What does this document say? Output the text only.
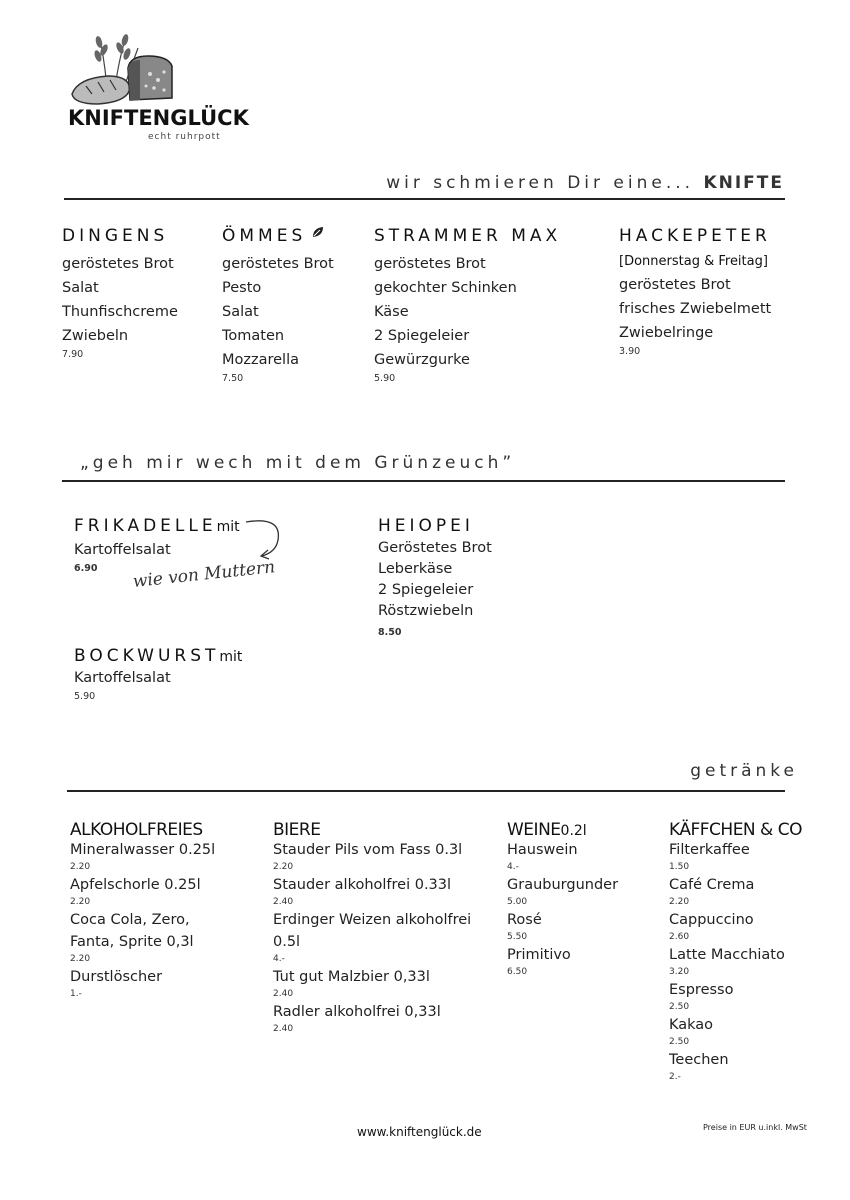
KNIFTENGLÜCK
echt ruhrpott
wir schmieren Dir eine... KNIFTE
DINGENS
geröstetes Brot
Salat
Thunfischcreme
Zwiebeln
7.90
ÖMMES
geröstetes Brot
Pesto
Salat
Tomaten
Mozzarella
7.50
STRAMMER MAX
geröstetes Brot
gekochter Schinken
Käse
2 Spiegeleier
Gewürzgurke
5.90
HACKEPETER
[Donnerstag & Freitag]
geröstetes Brot
frisches Zwiebelmett
Zwiebelringe
3.90
„geh mir wech mit dem Grünzeuch”
FRIKADELLEmit
Kartoffelsalat
6.90	wie von Muttern
BOCKWURSTmit
Kartoffelsalat
5.90
HEIOPEI
Geröstetes Brot
Leberkäse
2 Spiegeleier
Röstzwiebeln
8.50
getränke
ALKOHOLFREIES
Mineralwasser 0.25l
2.20
Apfelschorle 0.25l
2.20
Coca Cola, Zero,
Fanta, Sprite 0,3l
2.20
Durstlöscher
1.-
BIERE
Stauder Pils vom Fass 0.3l
2.20
Stauder alkoholfrei 0.33l
2.40
Erdinger Weizen alkoholfrei
0.5l
4.-
Tut gut Malzbier 0,33l
2.40
Radler alkoholfrei 0,33l
2.40
WEINE0.2l
Hauswein
4.-
Grauburgunder
5.00
Rosé
5.50
Primitivo
6.50
KÄFFCHEN & CO
Filterkaffee
1.50
Café Crema
2.20
Cappuccino
2.60
Latte Macchiato
3.20
Espresso
2.50
Kakao
2.50
Teechen
2.-
www.kniftenglück.de	Preise in EUR u.inkl. MwSt
